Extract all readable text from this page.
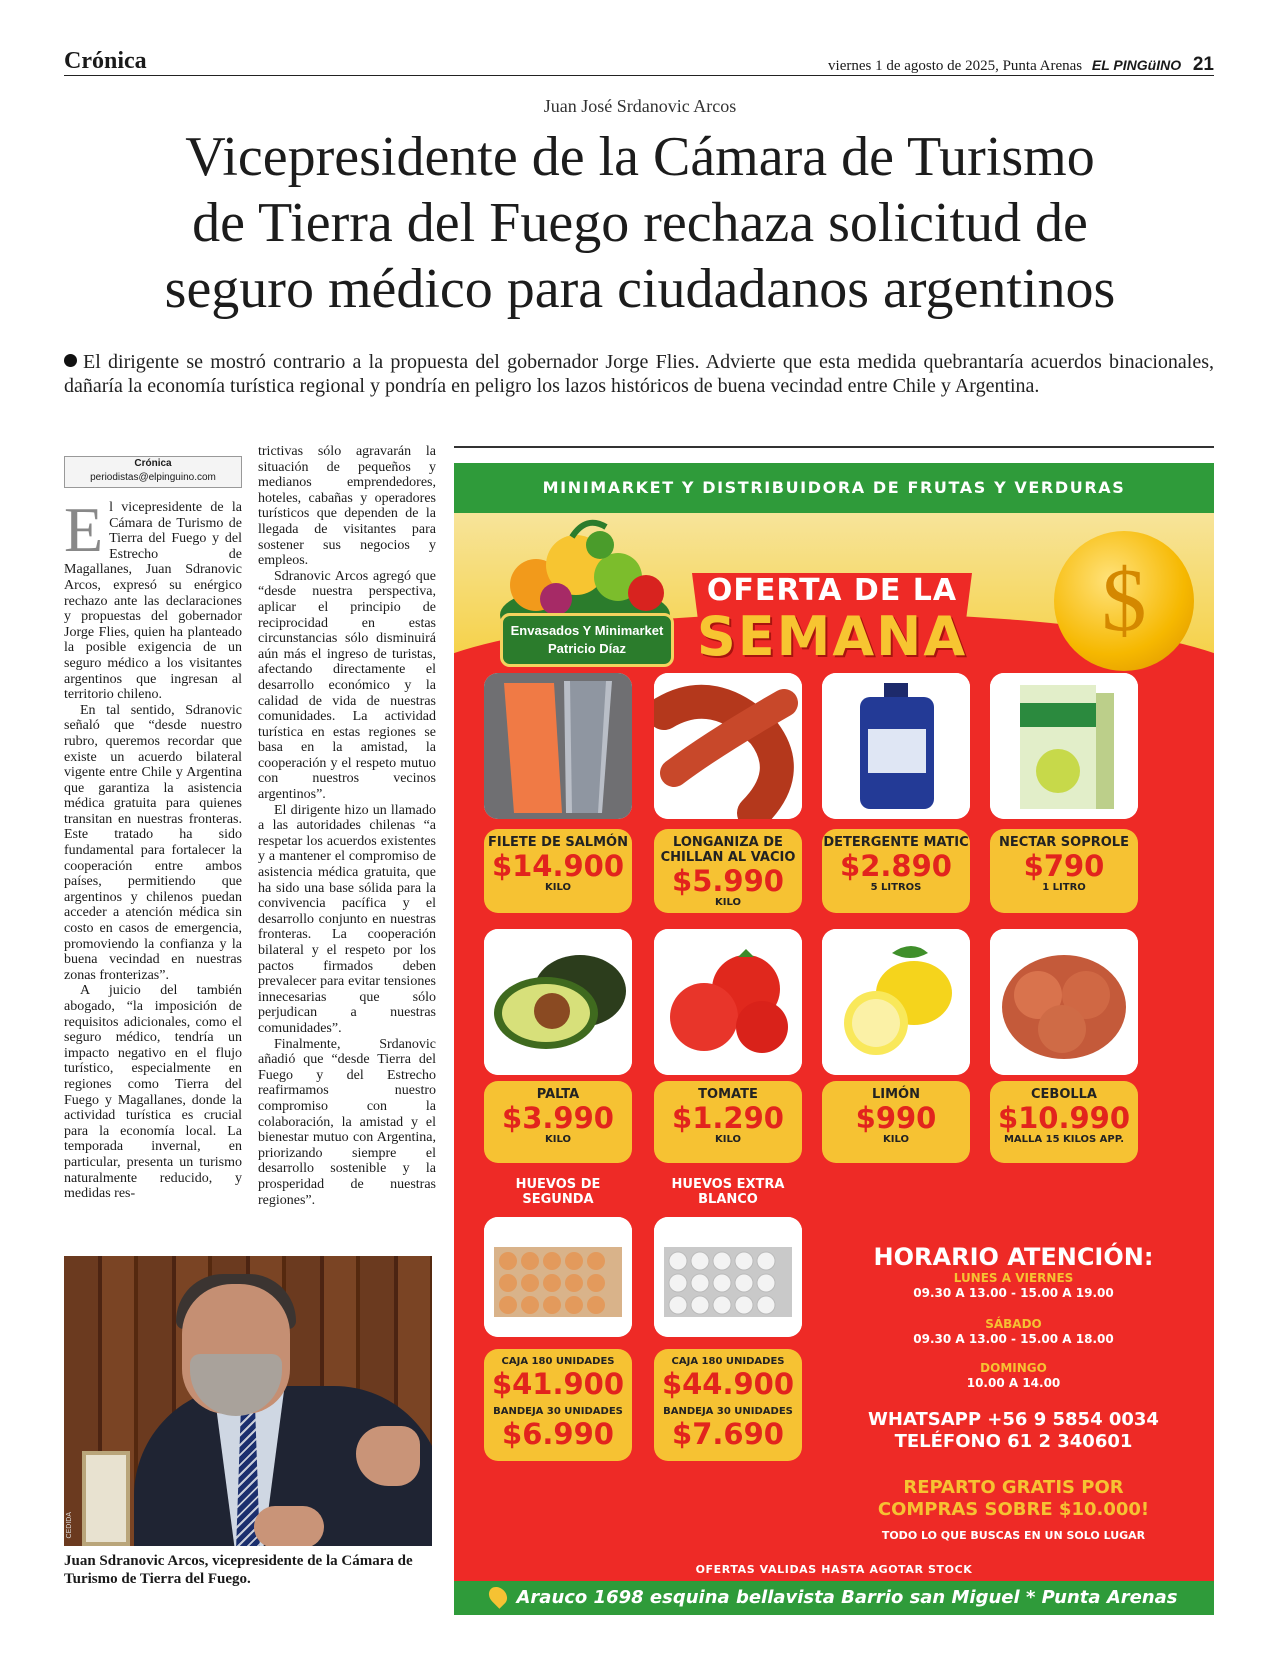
Crónica	viernes 1 de agosto de 2025, Punta Arenas EL PINGüINO 21
Juan José Srdanovic Arcos
Vicepresidente de la Cámara de Turismo
de Tierra del Fuego rechaza solicitud de
seguro médico para ciudadanos argentinos
El dirigente se mostró contrario a la propuesta del gobernador Jorge Flies. Advierte que esta medida quebrantaría acuerdos binacionales, dañaría la economía turística regional y pondría en peligro los lazos históricos de buena vecindad entre Chile y Argentina.
Crónica
periodistas@elpinguino.com

El vicepresidente de la Cámara de Turismo de Tierra del Fuego y del Estrecho de Magallanes, Juan Sdranovic Arcos, expresó su enérgico rechazo ante las declaraciones y propuestas del gobernador Jorge Flies, quien ha planteado la posible exigencia de un seguro médico a los visitantes argentinos que ingresan al territorio chileno.

En tal sentido, Sdranovic señaló que “desde nuestro rubro, queremos recordar que existe un acuerdo bilateral vigente entre Chile y Argentina que garantiza la asistencia médica gratuita para quienes transitan en nuestras fronteras. Este tratado ha sido fundamental para fortalecer la cooperación entre ambos países, permitiendo que argentinos y chilenos puedan acceder a atención médica sin costo en casos de emergencia, promoviendo la confianza y la buena vecindad en nuestras zonas fronterizas”.

A juicio del también abogado, “la imposición de requisitos adicionales, como el seguro médico, tendría un impacto negativo en el flujo turístico, especialmente en regiones como Tierra del Fuego y Magallanes, donde la actividad turística es crucial para la economía local. La temporada invernal, en particular, presenta un turismo naturalmente reducido, y medidas res-

trictivas sólo agravarán la situación de pequeños y medianos emprendedores, hoteles, cabañas y operadores turísticos que dependen de la llegada de visitantes para sostener sus negocios y empleos.

Sdranovic Arcos agregó que “desde nuestra perspectiva, aplicar el principio de reciprocidad en estas circunstancias sólo disminuirá aún más el ingreso de turistas, afectando directamente el desarrollo económico y la calidad de vida de nuestras comunidades. La actividad turística en estas regiones se basa en la amistad, la cooperación y el respeto mutuo con nuestros vecinos argentinos”.

El dirigente hizo un llamado a las autoridades chilenas “a respetar los acuerdos existentes y a mantener el compromiso de asistencia médica gratuita, que ha sido una base sólida para la convivencia pacífica y el desarrollo conjunto en nuestras fronteras. La cooperación bilateral y el respeto por los pactos firmados deben prevalecer para evitar tensiones innecesarias que sólo perjudican a nuestras comunidades”.

Finalmente, Srdanovic añadió que “desde Tierra del Fuego y del Estrecho reafirmamos nuestro compromiso con la colaboración, la amistad y el bienestar mutuo con Argentina, priorizando siempre el desarrollo sostenible y la prosperidad de nuestras regiones”.

CEDIDA
Juan Sdranovic Arcos, vicepresidente de la Cámara de Turismo de Tierra del Fuego.
MINIMARKET Y DISTRIBUIDORA DE FRUTAS Y VERDURAS
Envasados Y Minimarket
Patricio Díaz
OFERTA DE LA
SEMANA	$
FILETE DE SALMÓN
$14.900
KILO
LONGANIZA DE CHILLAN AL VACIO
$5.990
KILO
DETERGENTE MATIC
$2.890
5 LITROS
NECTAR SOPROLE
$790
1 LITRO
PALTA
$3.990
KILO
TOMATE
$1.290
KILO
LIMÓN
$990
KILO
CEBOLLA
$10.990
MALLA 15 KILOS APP.
HUEVOS DE SEGUNDA
HUEVOS EXTRA BLANCO
CAJA 180 UNIDADES
$41.900
BANDEJA 30 UNIDADES
$6.990
CAJA 180 UNIDADES
$44.900
BANDEJA 30 UNIDADES
$7.690
HORARIO ATENCIÓN:
LUNES A VIERNES
09.30 A 13.00 - 15.00 A 19.00
SÁBADO
09.30 A 13.00 - 15.00 A 18.00
DOMINGO
10.00 A 14.00
WHATSAPP +56 9 5854 0034
TELÉFONO 61 2 340601
REPARTO GRATIS POR
COMPRAS SOBRE $10.000!
TODO LO QUE BUSCAS EN UN SOLO LUGAR
OFERTAS VALIDAS HASTA AGOTAR STOCK
Arauco 1698 esquina bellavista Barrio san Miguel * Punta Arenas
